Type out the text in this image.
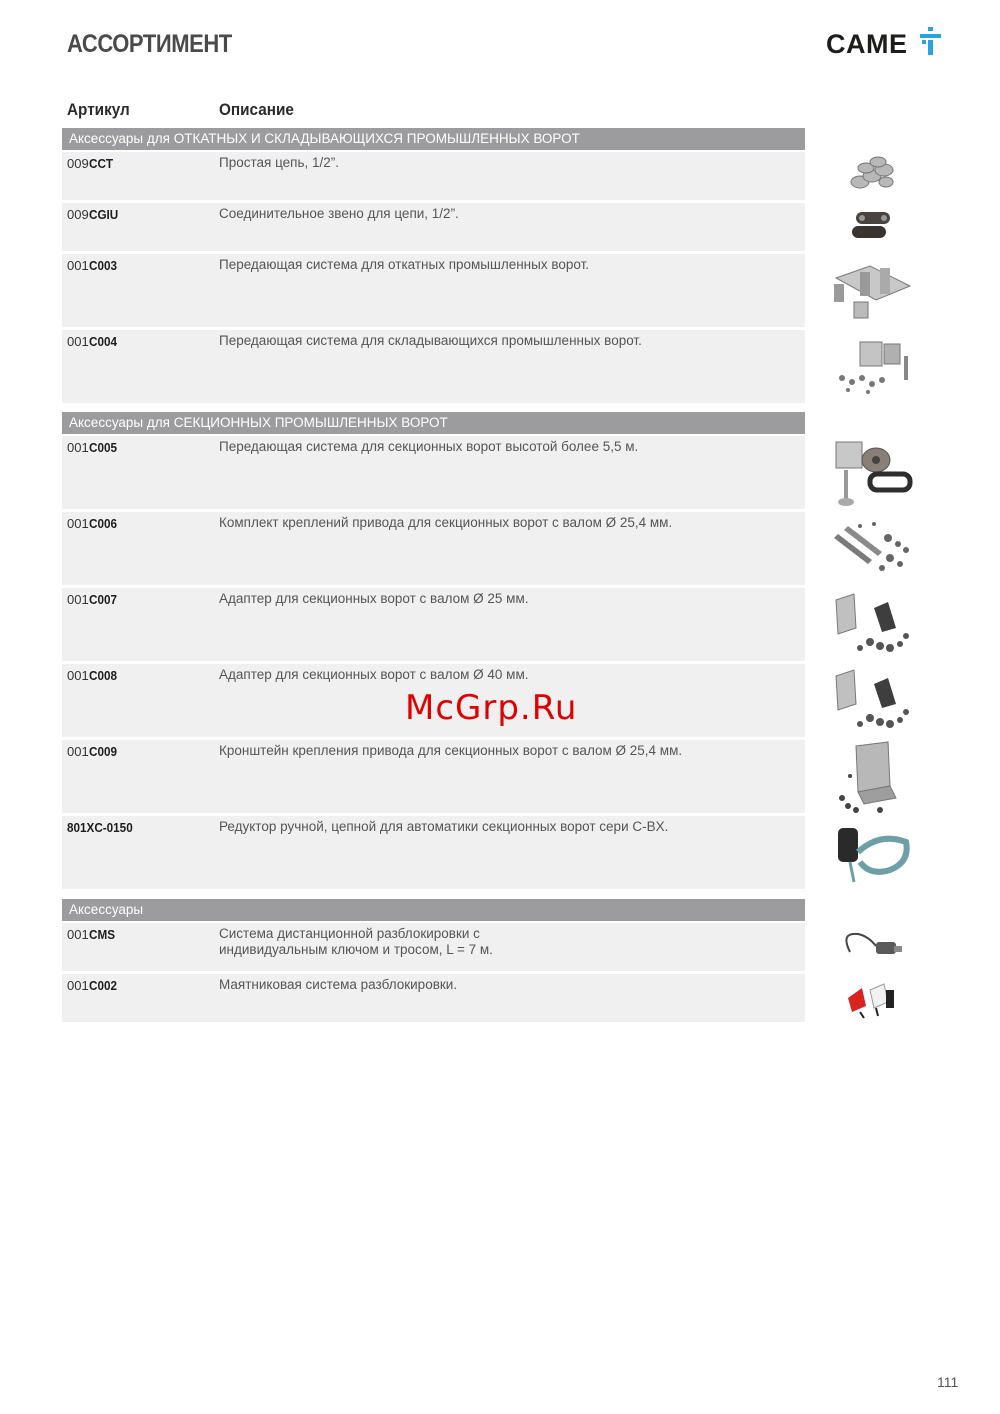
АССОРТИМЕНТ	CAME
Артикул	Описание
Аксессуары для ОТКАТНЫХ И СКЛАДЫВАЮЩИХСЯ ПРОМЫШЛЕННЫХ ВОРОТ
009CCT	Простая цепь, 1/2”.
009CGIU	Соединительное звено для цепи, 1/2”.
001C003	Передающая система для откатных промышленных ворот.
001C004	Передающая система для складывающихся промышленных ворот.
Аксессуары для СЕКЦИОННЫХ ПРОМЫШЛЕННЫХ ВОРОТ
001C005	Передающая система для секционных ворот высотой более 5,5 м.
001C006	Комплект креплений привода для секционных ворот с валом Ø 25,4 мм.
001C007	Адаптер для секционных ворот с валом Ø 25 мм.
001C008	Адаптер для секционных ворот с валом Ø 40 мм.
001C009	Кронштейн крепления привода для секционных ворот с валом Ø 25,4 мм.
801XC-0150	Редуктор ручной, цепной для автоматики секционных ворот сери C-BX.
Аксессуары
001CMS	Система дистанционной разблокировки с индивидуальным ключом и тросом, L = 7 м.
001C002	Маятниковая система разблокировки.
McGrp.Ru
111
